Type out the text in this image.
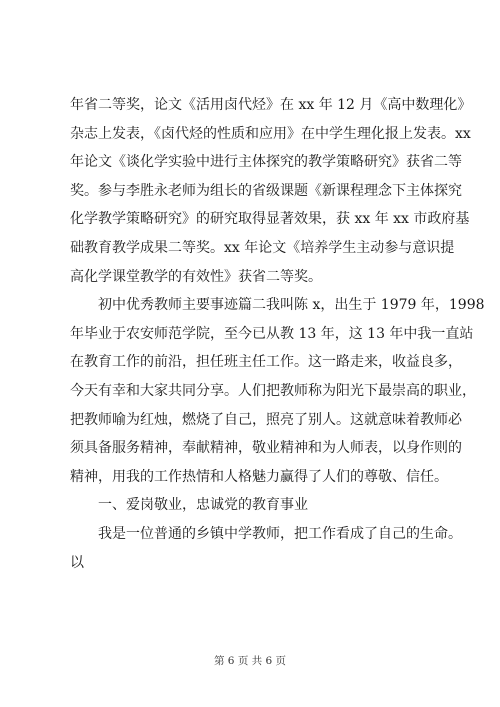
年省二等奖，论文《活用卤代烃》在 xx 年 12 月《高中数理化》
杂志上发表，《卤代烃的性质和应用》在中学生理化报上发表。xx
年论文《谈化学实验中进行主体探究的教学策略研究》获省二等
奖。参与李胜永老师为组长的省级课题《新课程理念下主体探究
化学教学策略研究》的研究取得显著效果，获 xx 年 xx 市政府基
础教育教学成果二等奖。xx 年论文《培养学生主动参与意识提
高化学课堂教学的有效性》获省二等奖。
初中优秀教师主要事迹篇二我叫陈 x，出生于 1979 年，1998
年毕业于农安师范学院，至今已从教 13 年，这 13 年中我一直站
在教育工作的前沿，担任班主任工作。这一路走来，收益良多，
今天有幸和大家共同分享。人们把教师称为阳光下最崇高的职业，
把教师喻为红烛，燃烧了自己，照亮了别人。这就意味着教师必
须具备服务精神，奉献精神，敬业精神和为人师表，以身作则的
精神，用我的工作热情和人格魅力赢得了人们的尊敬、信任。
一、爱岗敬业，忠诚党的教育事业
我是一位普通的乡镇中学教师，把工作看成了自己的生命。
以
第 6 页 共 6 页
